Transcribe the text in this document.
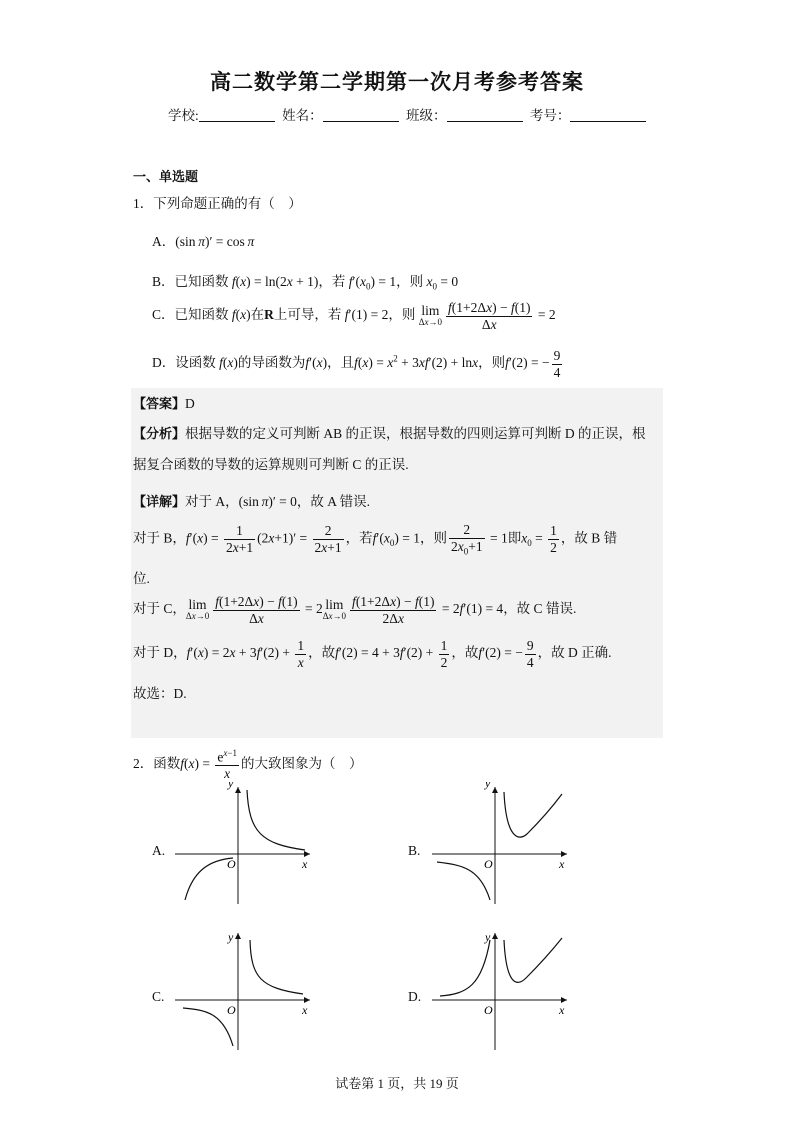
高二数学第二学期第一次月考参考答案
学校:	姓名：	班级：	考号：
一、单选题
1．下列命题正确的有（　）
A．(sin π)′ = cos π
B．已知函数 f(x) = ln(2x + 1)，若 $f'(x_0) = 1$，则 $x_0 = 0$
C．已知函数 f(x)在R上可导，若 f′(1) = 2，则 lim
$\Delta x\to 0 \frac{f(1+2\Delta x) - f(1)}{\Delta x} = 2$
D．设函数 f(x)的导函数为f′(x)，且$f(x) = x^2 + 3xf'(2) + \ln x$，则f′(2) = − $\frac{9}{4}$
【答案】D
【分析】根据导数的定义可判断 AB 的正误，根据导数的四则运算可判断 D 的正误，根
据复合函数的导数的运算规则可判断 C 的正误.
【详解】对于 A，(sin π)′ = 0，故 A 错误.
对于 B，$f'(x) = \frac{1}{2x+1} (2x+1)' = \frac{2}{2x+1}$ ，若$f'(x_0) = 1$，则 $\frac{2}{2x_0+1} = 1$即$x_0 = \frac{1}{2}$ ，故 B 错
位.
对于 C， lim
$\Delta x\to 0 \frac{f(1+2\Delta x) - f(1)}{\Delta x} = 2$ lim
$\Delta x\to 0 \frac{f(1+2\Delta x) - f(1)}{2\Delta x} = 2f'(1) = 4$，故 C 错误.
对于 D，$f'(x) = 2x + 3f'(2) + \frac{1}{x}$ ，故$f'(2) = 4 + 3f'(2) + \frac{1}{2}$ ，故f′(2) = − $\frac{9}{4}$ ，故 D 正确.
故选：D.
2．函数$f(x) = \frac{e^{x-1}}{x}$ 的大致图象为（　）
A.
y
x
O
B.
y
x
O
C.
y
x
O
D.
y
x
O
试卷第 1 页，共 19 页
